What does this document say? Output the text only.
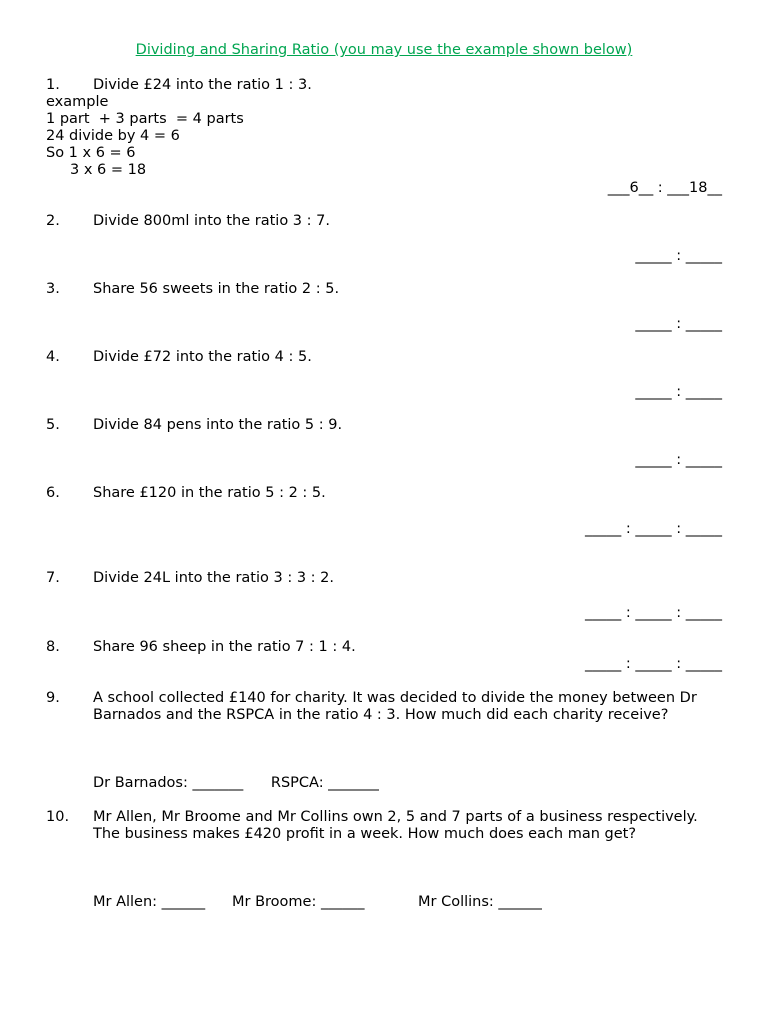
Dividing and Sharing Ratio (you may use the example shown below)
1. Divide £24 into the ratio 1 : 3.
example
1 part  + 3 parts  = 4 parts
24 divide by 4 = 6
So 1 x 6 = 6
3 x 6 = 18
___6__ : ___18__
2. Divide 800ml into the ratio 3 : 7.
_____ : _____
3. Share 56 sweets in the ratio 2 : 5.
_____ : _____
4. Divide £72 into the ratio 4 : 5.
_____ : _____
5. Divide 84 pens into the ratio 5 : 9.
_____ : _____
6. Share £120 in the ratio 5 : 2 : 5.
_____ : _____ : _____
7. Divide 24L into the ratio 3 : 3 : 2.
_____ : _____ : _____
8. Share 96 sheep in the ratio 7 : 1 : 4.
_____ : _____ : _____
9. A school collected £140 for charity. It was decided to divide the money between Dr Barnados and the RSPCA in the ratio 4 : 3. How much did each charity receive?
Dr Barnados: _______      RSPCA: _______
10. Mr Allen, Mr Broome and Mr Collins own 2, 5 and 7 parts of a business respectively. The business makes £420 profit in a week. How much does each man get?
Mr Allen: ______ Mr Broome: ______	Mr Collins: ______
